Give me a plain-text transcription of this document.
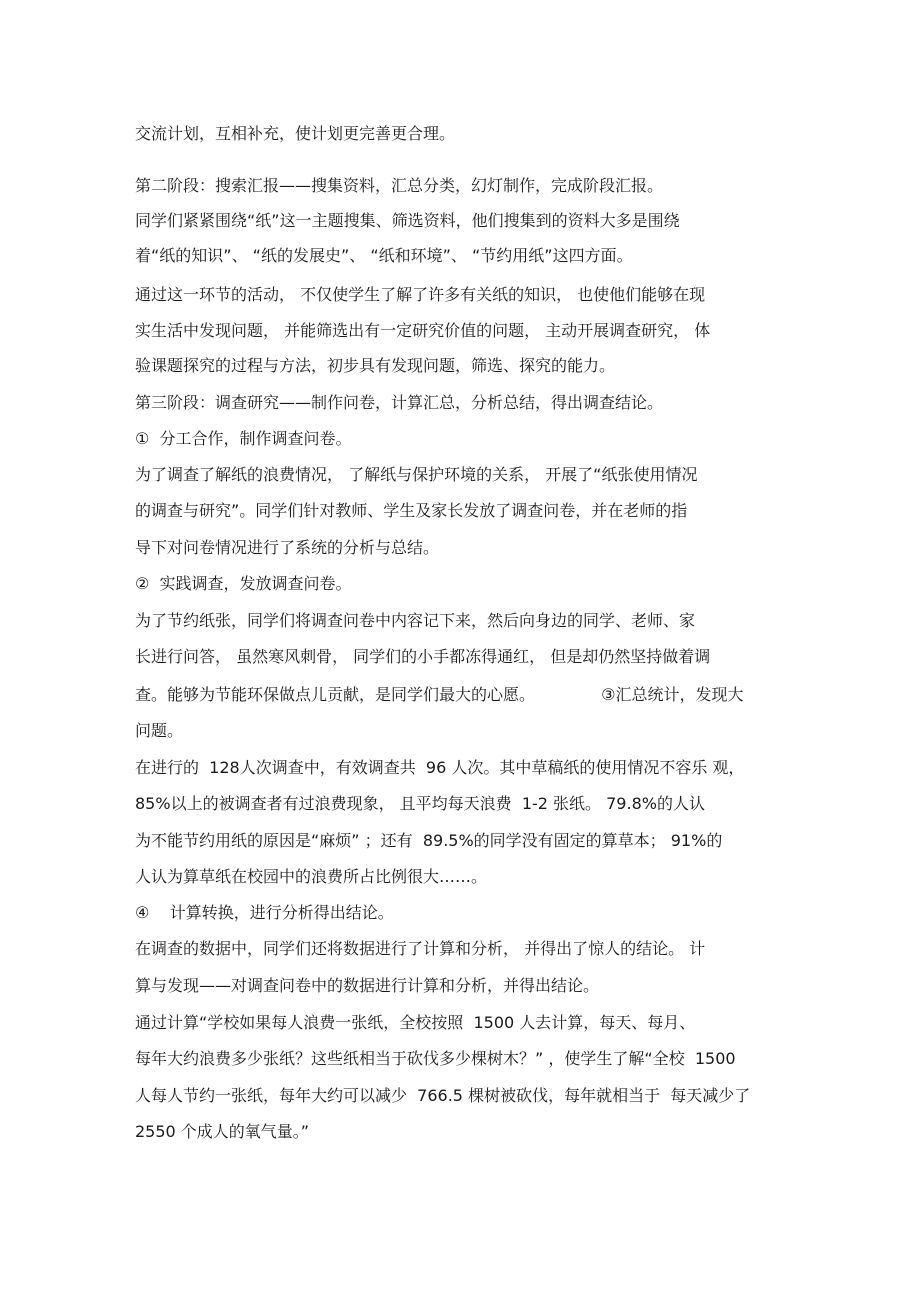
交流计划，互相补充，使计划更完善更合理。
第二阶段：搜索汇报——搜集资料，汇总分类，幻灯制作，完成阶段汇报。
同学们紧紧围绕“纸”这一主题搜集、筛选资料，他们搜集到的资料大多是围绕
着“纸的知识”、 “纸的发展史”、 “纸和环境”、 “节约用纸”这四方面。
通过这一环节的活动， 不仅使学生了解了许多有关纸的知识， 也使他们能够在现
实生活中发现问题， 并能筛选出有一定研究价值的问题， 主动开展调查研究， 体
验课题探究的过程与方法，初步具有发现问题，筛选、探究的能力。
第三阶段：调查研究——制作问卷，计算汇总，分析总结，得出调查结论。
①  分工合作，制作调查问卷。
为了调查了解纸的浪费情况， 了解纸与保护环境的关系， 开展了“纸张使用情况
的调查与研究”。同学们针对教师、学生及家长发放了调查问卷，并在老师的指
导下对问卷情况进行了系统的分析与总结。
②  实践调查，发放调查问卷。
为了节约纸张，同学们将调查问卷中内容记下来，然后向身边的同学、老师、家
长进行问答， 虽然寒风刺骨， 同学们的小手都冻得通红， 但是却仍然坚持做着调
查。能够为节能环保做点儿贡献，是同学们最大的心愿。             ③汇总统计，发现大
问题。
在进行的  128人次调查中，有效调查共  96 人次。其中草稿纸的使用情况不容乐 观，
85%以上的被调查者有过浪费现象， 且平均每天浪费  1-2 张纸。 79.8%的人认
为不能节约用纸的原因是“麻烦” ；还有  89.5%的同学没有固定的算草本； 91%的
人认为算草纸在校园中的浪费所占比例很大……。
④    计算转换，进行分析得出结论。
在调查的数据中，同学们还将数据进行了计算和分析， 并得出了惊人的结论。 计
算与发现——对调查问卷中的数据进行计算和分析，并得出结论。
通过计算“学校如果每人浪费一张纸，全校按照  1500 人去计算，每天、每月、
每年大约浪费多少张纸？这些纸相当于砍伐多少棵树木？” ，使学生了解“全校  1500
人每人节约一张纸，每年大约可以减少  766.5 棵树被砍伐，每年就相当于  每天减少了
2550 个成人的氧气量。”
